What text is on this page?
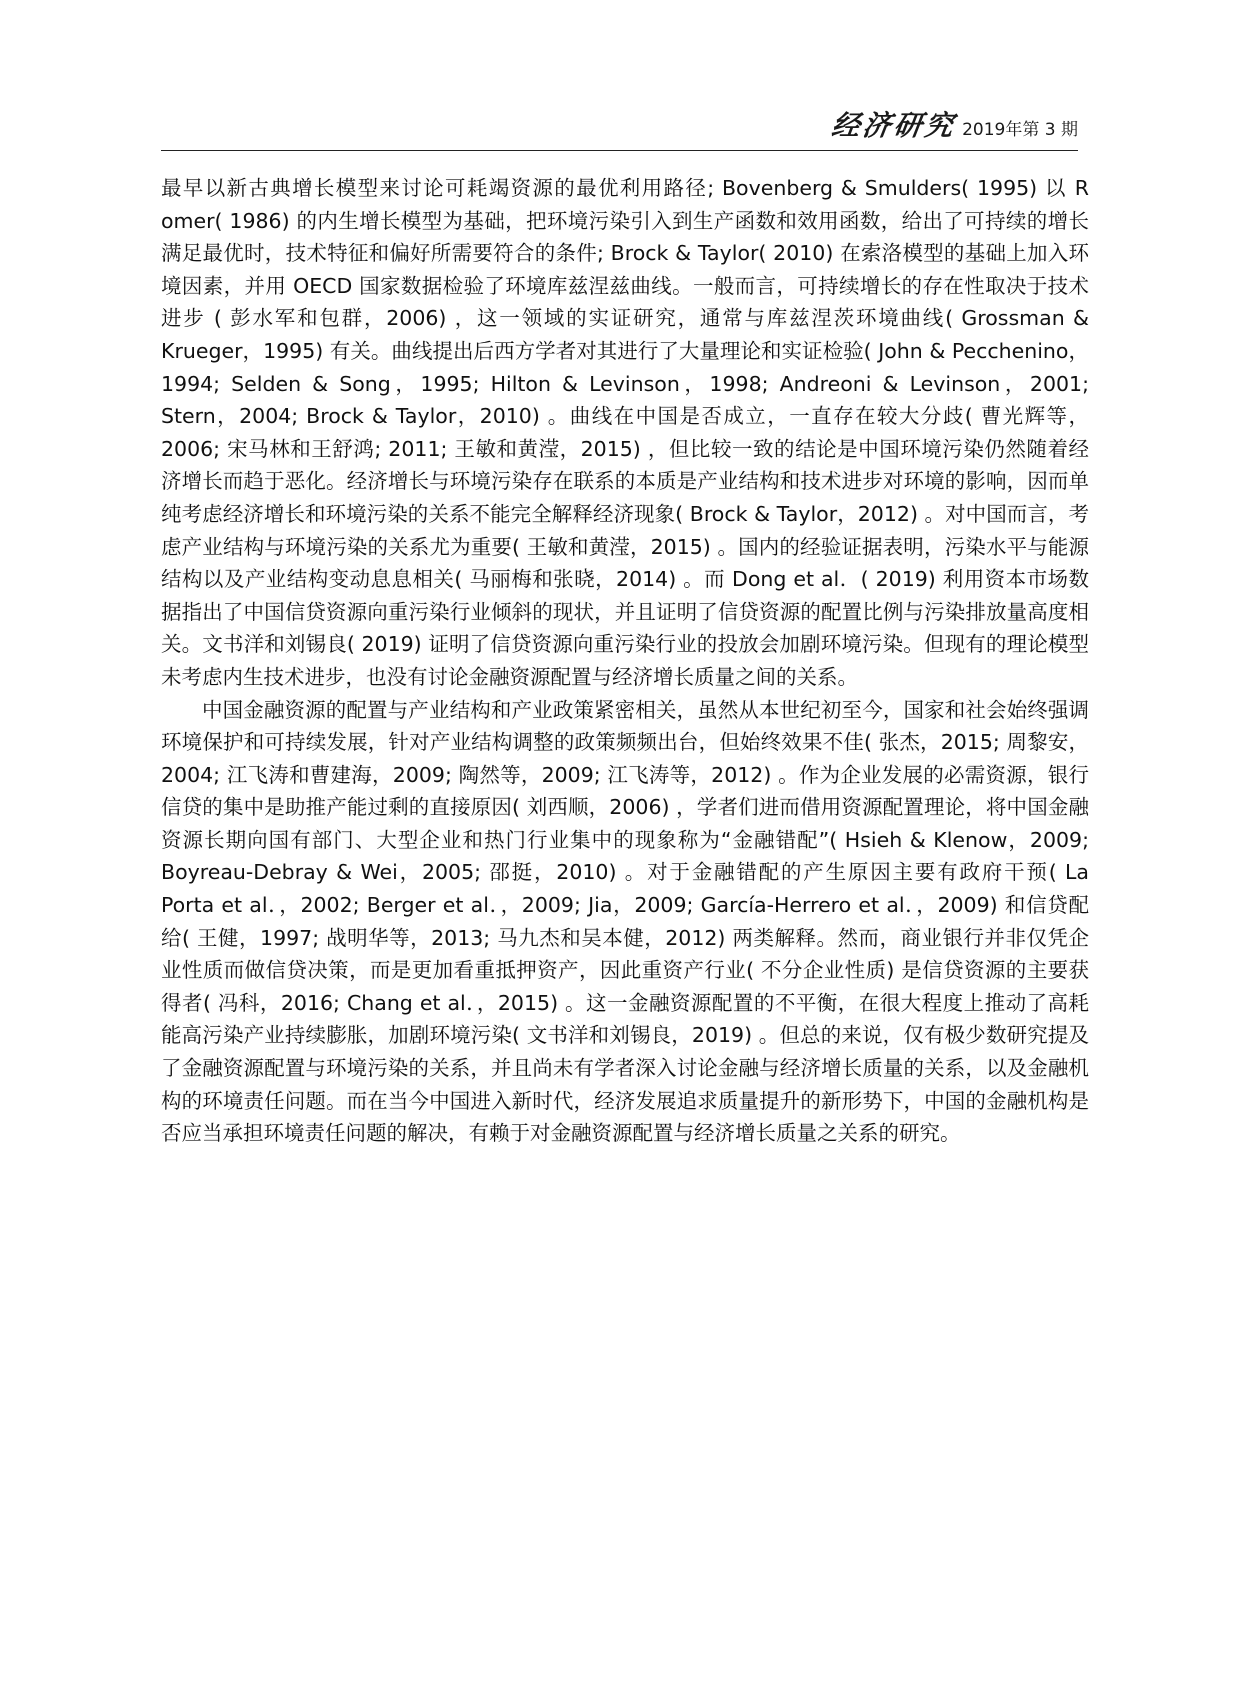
经济研究 2019年第 3 期

最早以新古典增长模型来讨论可耗竭资源的最优利用路径; Bovenberg & Smulders( 1995) 以 R omer( 1986) 的内生增长模型为基础，把环境污染引入到生产函数和效用函数，给出了可持续的增长满足最优时，技术特征和偏好所需要符合的条件; Brock & Taylor( 2010) 在索洛模型的基础上加入环境因素，并用 OECD 国家数据检验了环境库兹涅兹曲线。一般而言，可持续增长的存在性取决于技术进步 ( 彭水军和包群，2006) ，这一领域的实证研究，通常与库兹涅茨环境曲线( Grossman & Krueger，1995) 有关。曲线提出后西方学者对其进行了大量理论和实证检验( John & Pecchenino，1994; Selden & Song，1995; Hilton & Levinson，1998; Andreoni & Levinson，2001; Stern，2004; Brock & Taylor，2010) 。曲线在中国是否成立，一直存在较大分歧( 曹光辉等，2006; 宋马林和王舒鸿; 2011; 王敏和黄滢，2015) ，但比较一致的结论是中国环境污染仍然随着经济增长而趋于恶化。经济增长与环境污染存在联系的本质是产业结构和技术进步对环境的影响，因而单纯考虑经济增长和环境污染的关系不能完全解释经济现象( Brock & Taylor，2012) 。对中国而言，考虑产业结构与环境污染的关系尤为重要( 王敏和黄滢，2015) 。国内的经验证据表明，污染水平与能源结构以及产业结构变动息息相关( 马丽梅和张晓，2014) 。而 Dong et al．( 2019) 利用资本市场数据指出了中国信贷资源向重污染行业倾斜的现状，并且证明了信贷资源的配置比例与污染排放量高度相关。文书洋和刘锡良( 2019) 证明了信贷资源向重污染行业的投放会加剧环境污染。但现有的理论模型未考虑内生技术进步，也没有讨论金融资源配置与经济增长质量之间的关系。

中国金融资源的配置与产业结构和产业政策紧密相关，虽然从本世纪初至今，国家和社会始终强调环境保护和可持续发展，针对产业结构调整的政策频频出台，但始终效果不佳( 张杰，2015; 周黎安，2004; 江飞涛和曹建海，2009; 陶然等，2009; 江飞涛等，2012) 。作为企业发展的必需资源，银行信贷的集中是助推产能过剩的直接原因( 刘西顺，2006) ，学者们进而借用资源配置理论，将中国金融资源长期向国有部门、大型企业和热门行业集中的现象称为“金融错配”( Hsieh & Klenow，2009; Boyreau-Debray & Wei，2005; 邵挺，2010) 。对于金融错配的产生原因主要有政府干预( La Porta et al．，2002; Berger et al．，2009; Jia，2009; García-Herrero et al．，2009) 和信贷配给( 王健，1997; 战明华等，2013; 马九杰和吴本健，2012) 两类解释。然而，商业银行并非仅凭企业性质而做信贷决策，而是更加看重抵押资产，因此重资产行业( 不分企业性质) 是信贷资源的主要获得者( 冯科，2016; Chang et al．，2015) 。这一金融资源配置的不平衡，在很大程度上推动了高耗能高污染产业持续膨胀，加剧环境污染( 文书洋和刘锡良，2019) 。但总的来说，仅有极少数研究提及了金融资源配置与环境污染的关系，并且尚未有学者深入讨论金融与经济增长质量的关系，以及金融机构的环境责任问题。而在当今中国进入新时代，经济发展追求质量提升的新形势下，中国的金融机构是否应当承担环境责任问题的解决，有赖于对金融资源配置与经济增长质量之关系的研究。
